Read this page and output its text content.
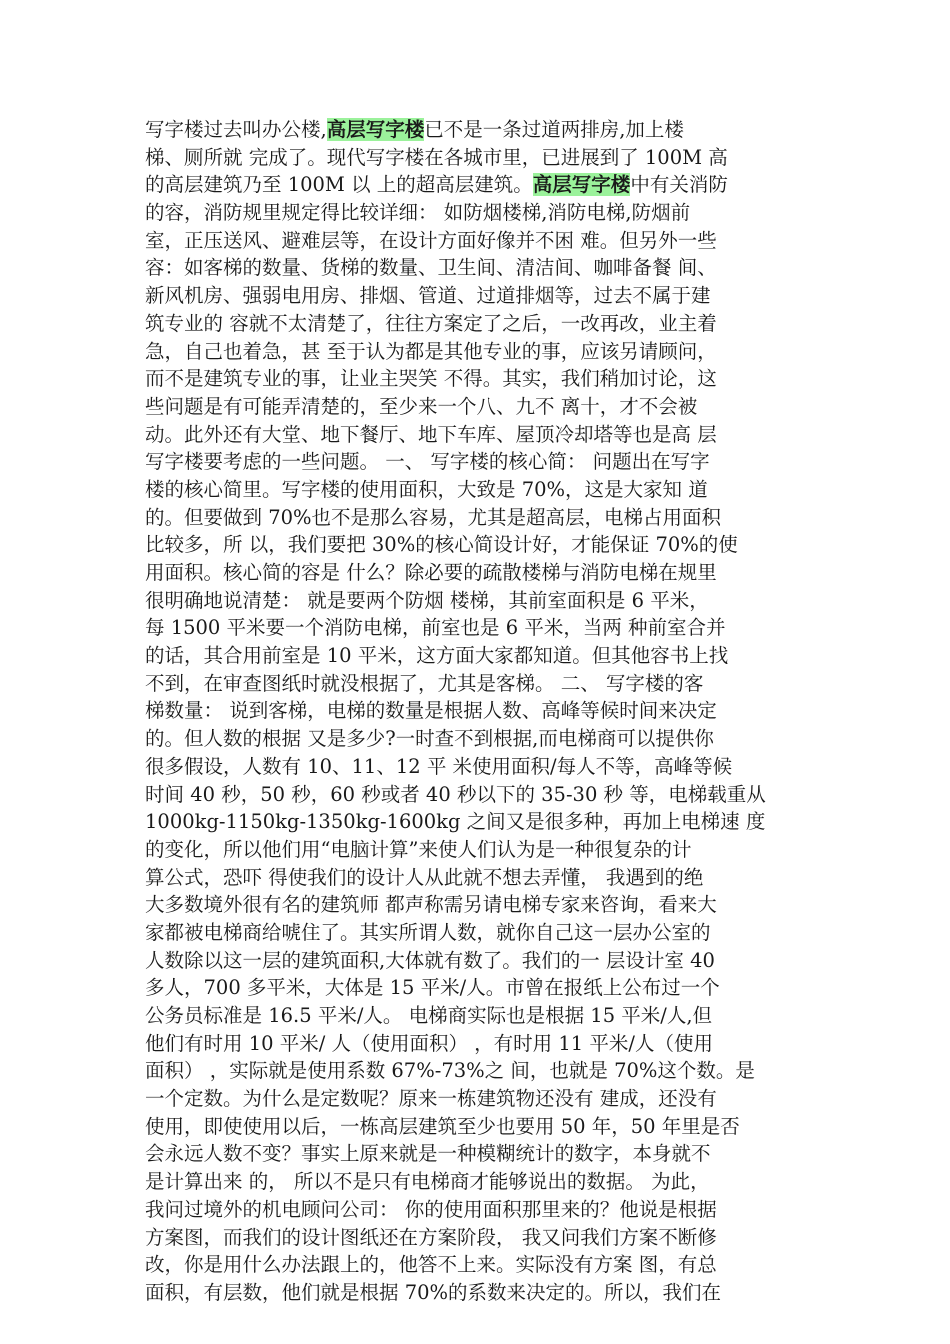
写字楼过去叫办公楼,高层写字楼已不是一条过道两排房,加上楼
梯、厕所就 完成了。现代写字楼在各城市里，已进展到了 100M 高
的高层建筑乃至 100M 以 上的超高层建筑。高层写字楼中有关消防
的容，消防规里规定得比较详细： 如防烟楼梯,消防电梯,防烟前
室，正压送风、避难层等，在设计方面好像并不困 难。但另外一些
容：如客梯的数量、货梯的数量、卫生间、清洁间、咖啡备餐 间、
新风机房、强弱电用房、排烟、管道、过道排烟等，过去不属于建
筑专业的 容就不太清楚了，往往方案定了之后，一改再改，业主着
急，自己也着急，甚 至于认为都是其他专业的事，应该另请顾问，
而不是建筑专业的事，让业主哭笑 不得。其实，我们稍加讨论，这
些问题是有可能弄清楚的，至少来一个八、九不 离十，才不会被
动。此外还有大堂、地下餐厅、地下车库、屋顶冷却塔等也是高 层
写字楼要考虑的一些问题。 一、 写字楼的核心简： 问题出在写字
楼的核心简里。写字楼的使用面积，大致是 70%，这是大家知 道
的。但要做到 70%也不是那么容易，尤其是超高层，电梯占用面积
比较多，所 以，我们要把 30%的核心简设计好，才能保证 70%的使
用面积。核心简的容是 什么？除必要的疏散楼梯与消防电梯在规里
很明确地说清楚： 就是要两个防烟 楼梯，其前室面积是 6 平米，
每 1500 平米要一个消防电梯，前室也是 6 平米，当两 种前室合并
的话，其合用前室是 10 平米，这方面大家都知道。但其他容书上找
不到，在审查图纸时就没根据了，尤其是客梯。 二、 写字楼的客
梯数量： 说到客梯，电梯的数量是根据人数、高峰等候时间来决定
的。但人数的根据 又是多少?一时查不到根据,而电梯商可以提供你
很多假设，人数有 10、11、12 平 米使用面积/每人不等，高峰等候
时间 40 秒，50 秒，60 秒或者 40 秒以下的 35-30 秒 等，电梯载重从
1000kg-1150kg-1350kg-1600kg 之间又是很多种，再加上电梯速 度
的变化，所以他们用“电脑计算”来使人们认为是一种很复杂的计
算公式，恐吓 得使我们的设计人从此就不想去弄懂， 我遇到的绝
大多数境外很有名的建筑师 都声称需另请电梯专家来咨询，看来大
家都被电梯商给唬住了。其实所谓人数，就你自己这一层办公室的
人数除以这一层的建筑面积,大体就有数了。我们的一 层设计室 40
多人，700 多平米，大体是 15 平米/人。市曾在报纸上公布过一个
公务员标准是 16.5 平米/人。 电梯商实际也是根据 15 平米/人,但
他们有时用 10 平米/ 人（使用面积） ，有时用 11 平米/人（使用
面积） ，实际就是使用系数 67%-73%之 间，也就是 70%这个数。是
一个定数。为什么是定数呢？原来一栋建筑物还没有 建成，还没有
使用，即使使用以后，一栋高层建筑至少也要用 50 年，50 年里是否
会永远人数不变？事实上原来就是一种模糊统计的数字，本身就不
是计算出来 的， 所以不是只有电梯商才能够说出的数据。 为此，
我问过境外的机电顾问公司： 你的使用面积那里来的？他说是根据
方案图，而我们的设计图纸还在方案阶段， 我又问我们方案不断修
改，你是用什么办法跟上的，他答不上来。实际没有方案 图，有总
面积，有层数，他们就是根据 70%的系数来决定的。所以，我们在
